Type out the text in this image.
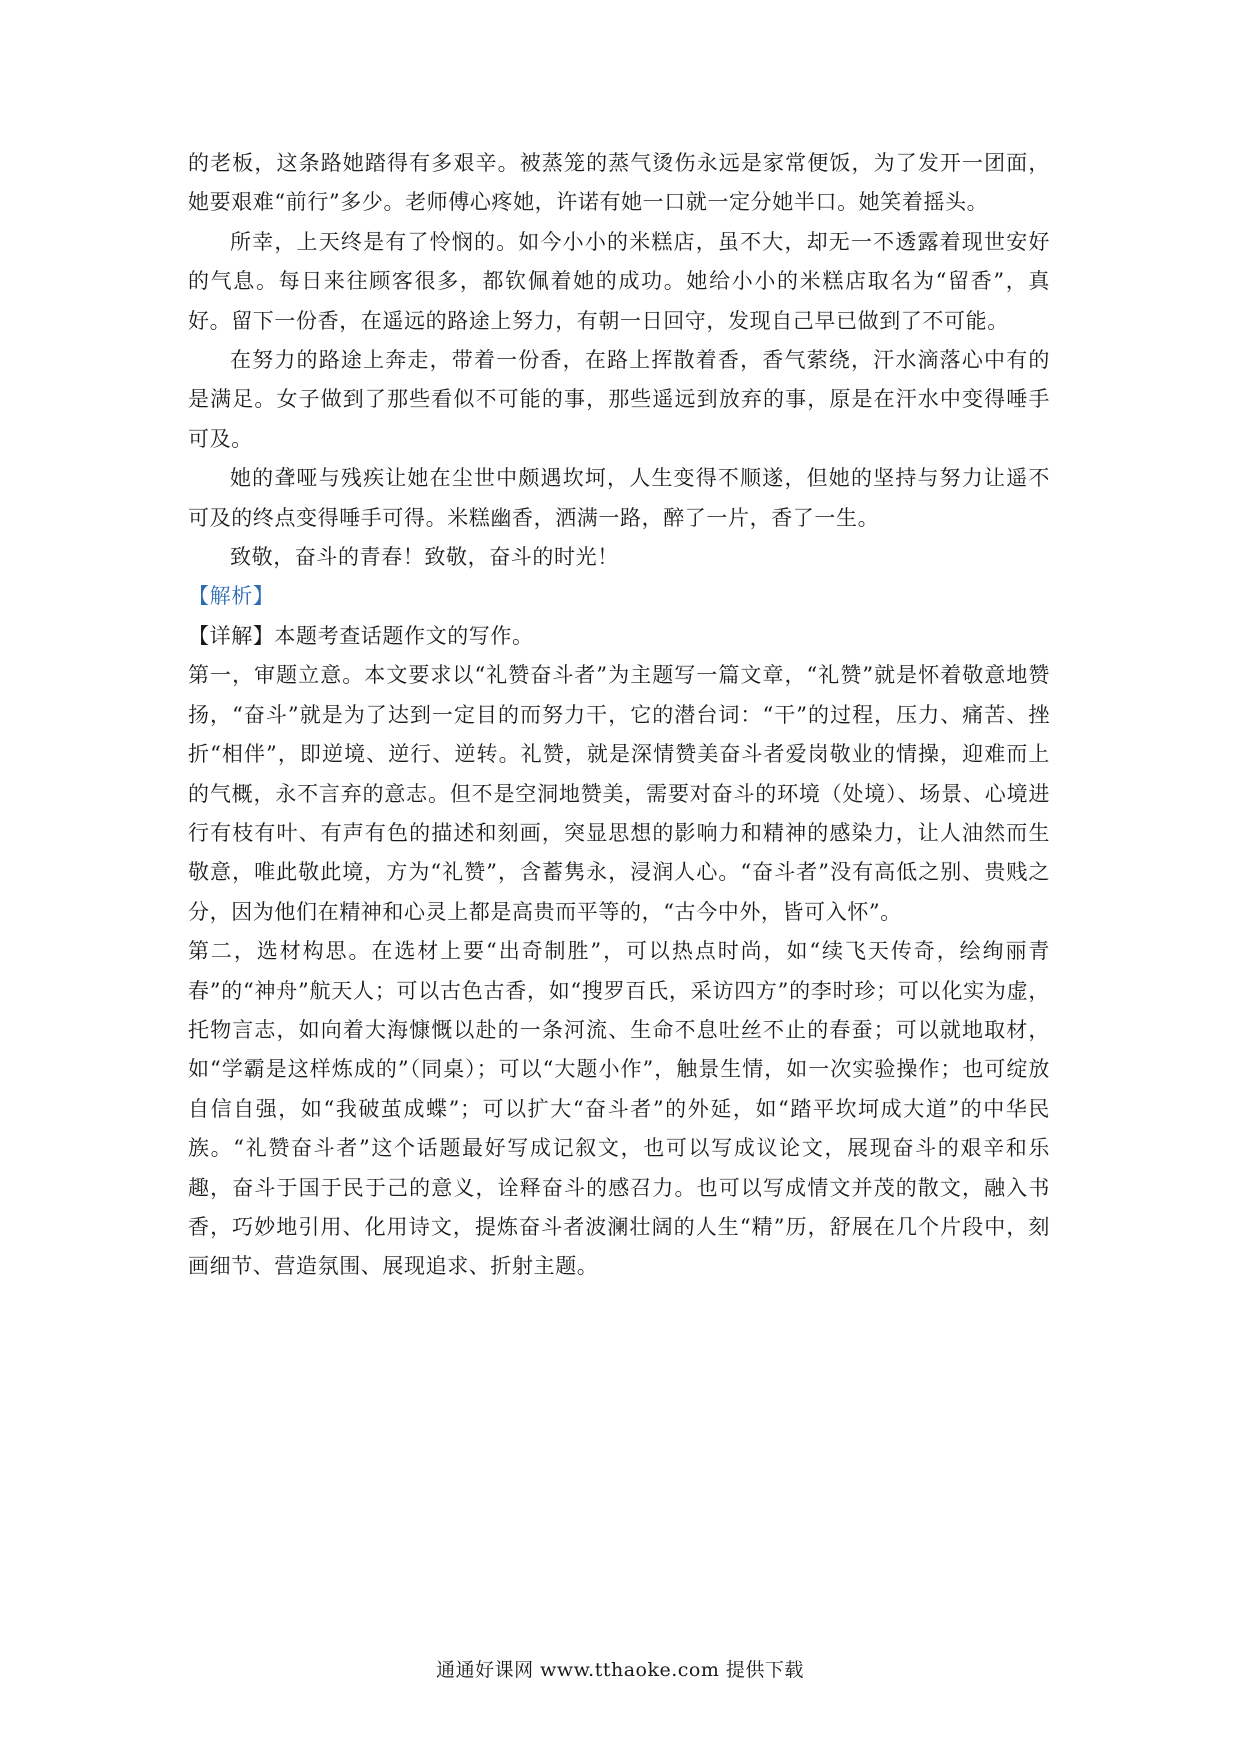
的老板，这条路她踏得有多艰辛。被蒸笼的蒸气烫伤永远是家常便饭，为了发开一团面，她要艰难“前行”多少。老师傅心疼她，许诺有她一口就一定分她半口。她笑着摇头。

所幸，上天终是有了怜悯的。如今小小的米糕店，虽不大，却无一不透露着现世安好的气息。每日来往顾客很多，都钦佩着她的成功。她给小小的米糕店取名为“留香”，真好。留下一份香，在遥远的路途上努力，有朝一日回守，发现自己早已做到了不可能。

在努力的路途上奔走，带着一份香，在路上挥散着香，香气萦绕，汗水滴落心中有的是满足。女子做到了那些看似不可能的事，那些遥远到放弃的事，原是在汗水中变得唾手可及。

她的聋哑与残疾让她在尘世中颇遇坎坷，人生变得不顺遂，但她的坚持与努力让遥不可及的终点变得唾手可得。米糕幽香，洒满一路，醉了一片，香了一生。

致敬，奋斗的青春！致敬，奋斗的时光！

【解析】

【详解】本题考查话题作文的写作。

第一，审题立意。本文要求以“礼赞奋斗者”为主题写一篇文章，“礼赞”就是怀着敬意地赞扬，“奋斗”就是为了达到一定目的而努力干，它的潜台词：“干”的过程，压力、痛苦、挫折“相伴”，即逆境、逆行、逆转。礼赞，就是深情赞美奋斗者爱岗敬业的情操，迎难而上的气概，永不言弃的意志。但不是空洞地赞美，需要对奋斗的环境（处境）、场景、心境进行有枝有叶、有声有色的描述和刻画，突显思想的影响力和精神的感染力，让人油然而生敬意，唯此敬此境，方为“礼赞”，含蓄隽永，浸润人心。“奋斗者”没有高低之别、贵贱之分，因为他们在精神和心灵上都是高贵而平等的，“古今中外，皆可入怀”。

第二，选材构思。在选材上要“出奇制胜”，可以热点时尚，如“续飞天传奇，绘绚丽青春”的“神舟”航天人；可以古色古香，如“搜罗百氏，采访四方”的李时珍；可以化实为虚，托物言志，如向着大海慷慨以赴的一条河流、生命不息吐丝不止的春蚕；可以就地取材，如“学霸是这样炼成的”（同桌）；可以“大题小作”，触景生情，如一次实验操作；也可绽放自信自强，如“我破茧成蝶”；可以扩大“奋斗者”的外延，如“踏平坎坷成大道”的中华民族。“礼赞奋斗者”这个话题最好写成记叙文，也可以写成议论文，展现奋斗的艰辛和乐趣，奋斗于国于民于己的意义，诠释奋斗的感召力。也可以写成情文并茂的散文，融入书香，巧妙地引用、化用诗文，提炼奋斗者波澜壮阔的人生“精”历，舒展在几个片段中，刻画细节、营造氛围、展现追求、折射主题。

通通好课网 www.tthaoke.com 提供下载
